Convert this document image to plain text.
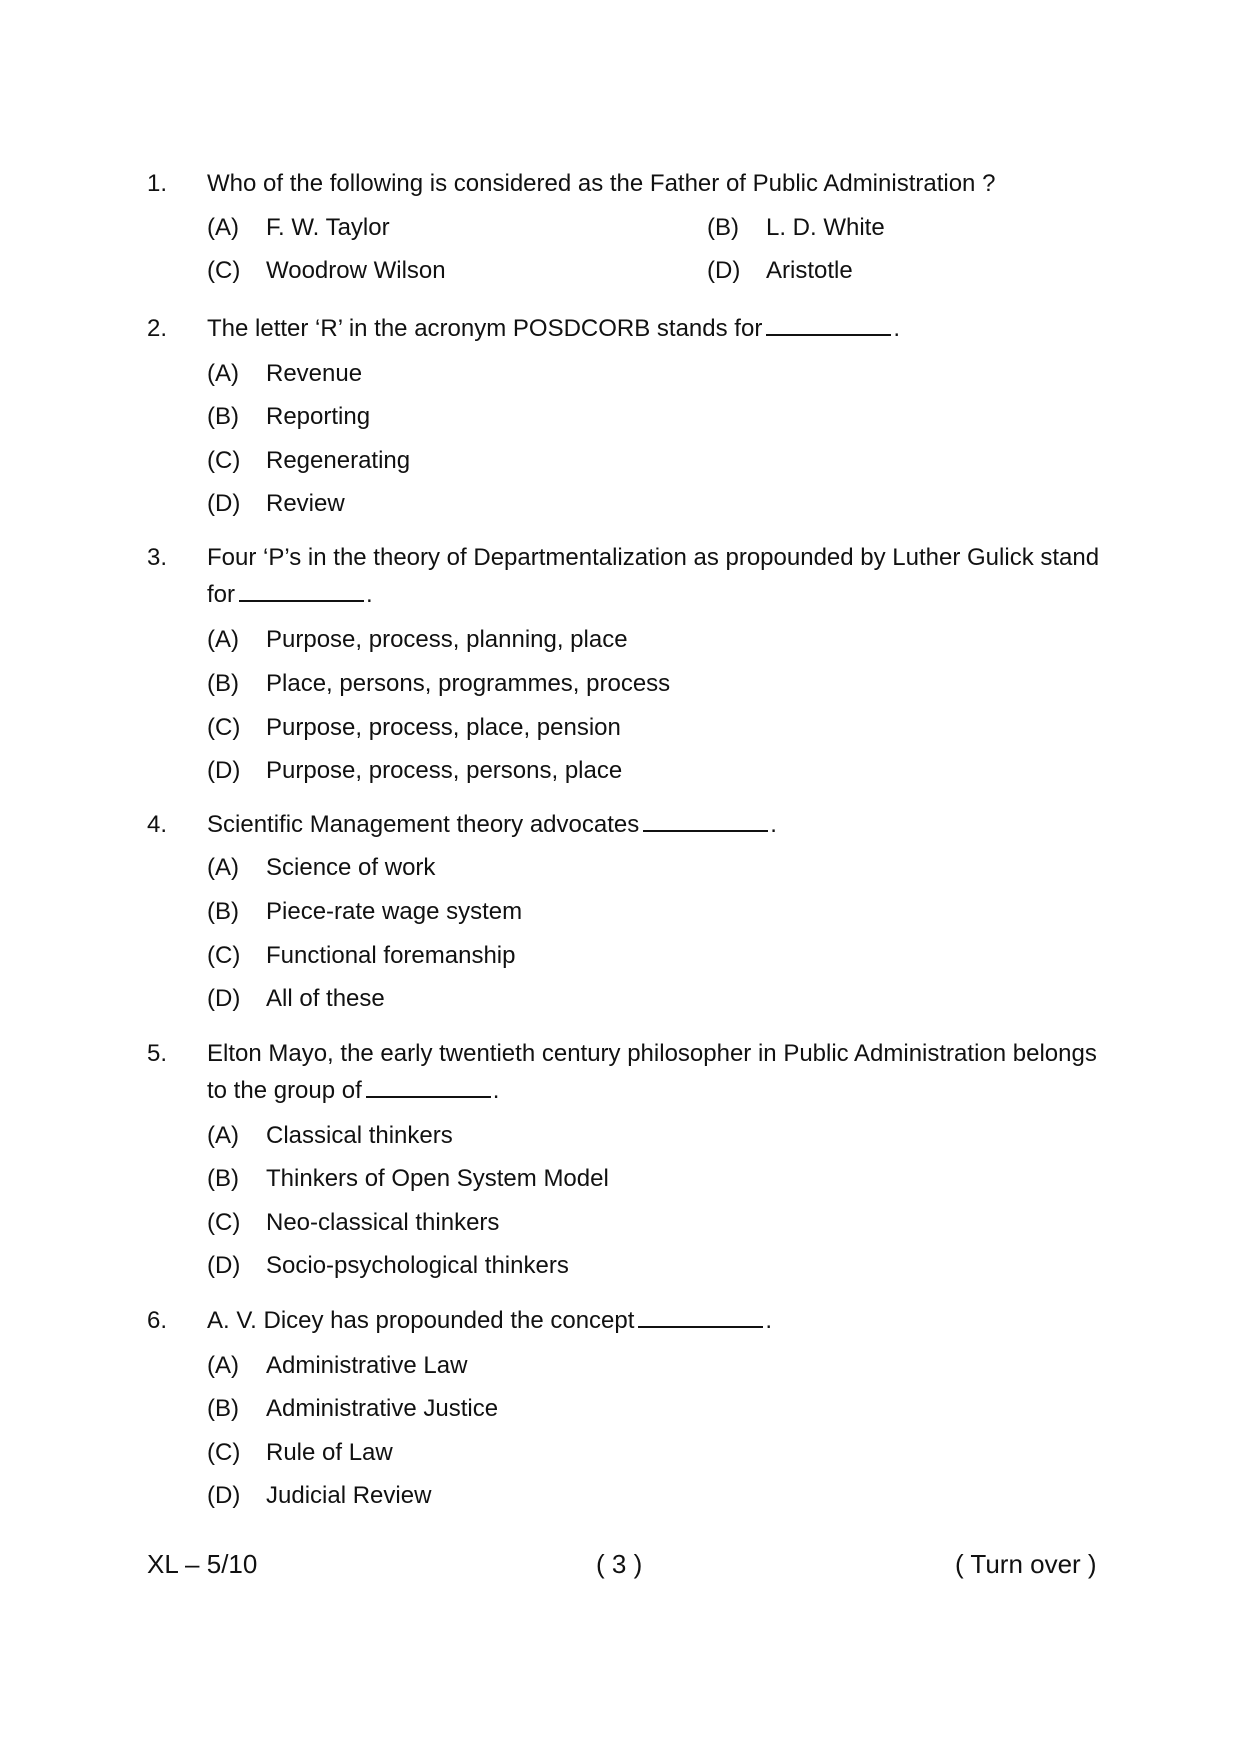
1. Who of the following is considered as the Father of Public Administration ?
(A) F. W. Taylor	(B) L. D. White
(C) Woodrow Wilson	(D) Aristotle
2. The letter ‘R’ in the acronym POSDCORB stands for	.
(A) Revenue
(B) Reporting
(C) Regenerating
(D) Review
3. Four ‘P’s in the theory of Departmentalization as propounded by Luther Gulick stand for	.
(A) Purpose, process, planning, place
(B) Place, persons, programmes, process
(C) Purpose, process, place, pension
(D) Purpose, process, persons, place
4. Scientific Management theory advocates	.
(A) Science of work
(B) Piece-rate wage system
(C) Functional foremanship
(D) All of these
5. Elton Mayo, the early twentieth century philosopher in Public Administration belongs to the group of	.
(A) Classical thinkers
(B) Thinkers of Open System Model
(C) Neo-classical thinkers
(D) Socio-psychological thinkers
6. A. V. Dicey has propounded the concept	.
(A) Administrative Law
(B) Administrative Justice
(C) Rule of Law
(D) Judicial Review
XL – 5/10	( 3 )	( Turn over )
